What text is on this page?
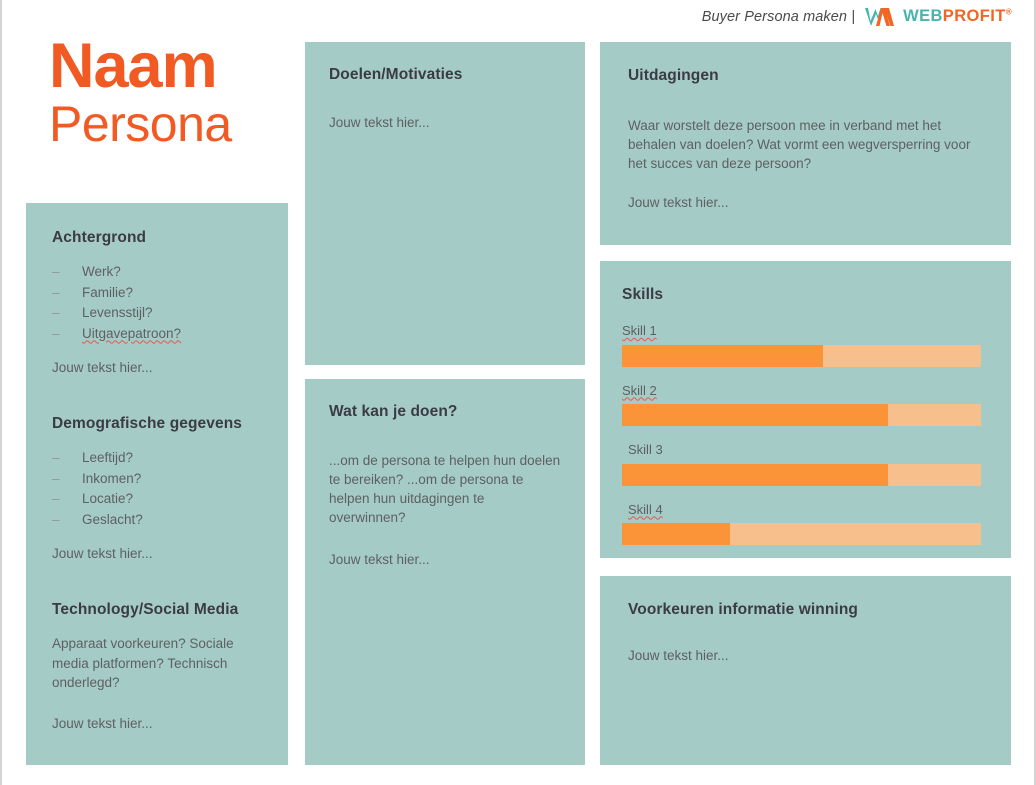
Buyer Persona maken |	WEBPROFIT®
Naam
Persona
Achtergrond
– Werk?
– Familie?
– Levensstijl?
– Uitgavepatroon?

Jouw tekst hier...

Demografische gegevens
– Leeftijd?
– Inkomen?
– Locatie?
– Geslacht?

Jouw tekst hier...

Technology/Social Media

Apparaat voorkeuren? Sociale media platformen? Technisch onderlegd?

Jouw tekst hier...

Doelen/Motivaties

Jouw tekst hier...

Wat kan je doen?

...om de persona te helpen hun doelen te bereiken? ...om de persona te helpen hun uitdagingen te overwinnen?

Jouw tekst hier...

Uitdagingen

Waar worstelt deze persoon mee in verband met het behalen van doelen? Wat vormt een wegversperring voor het succes van deze persoon?

Jouw tekst hier...

Skills
Skill 1
Skill 2
Skill 3
Skill 4
Voorkeuren informatie winning

Jouw tekst hier...
